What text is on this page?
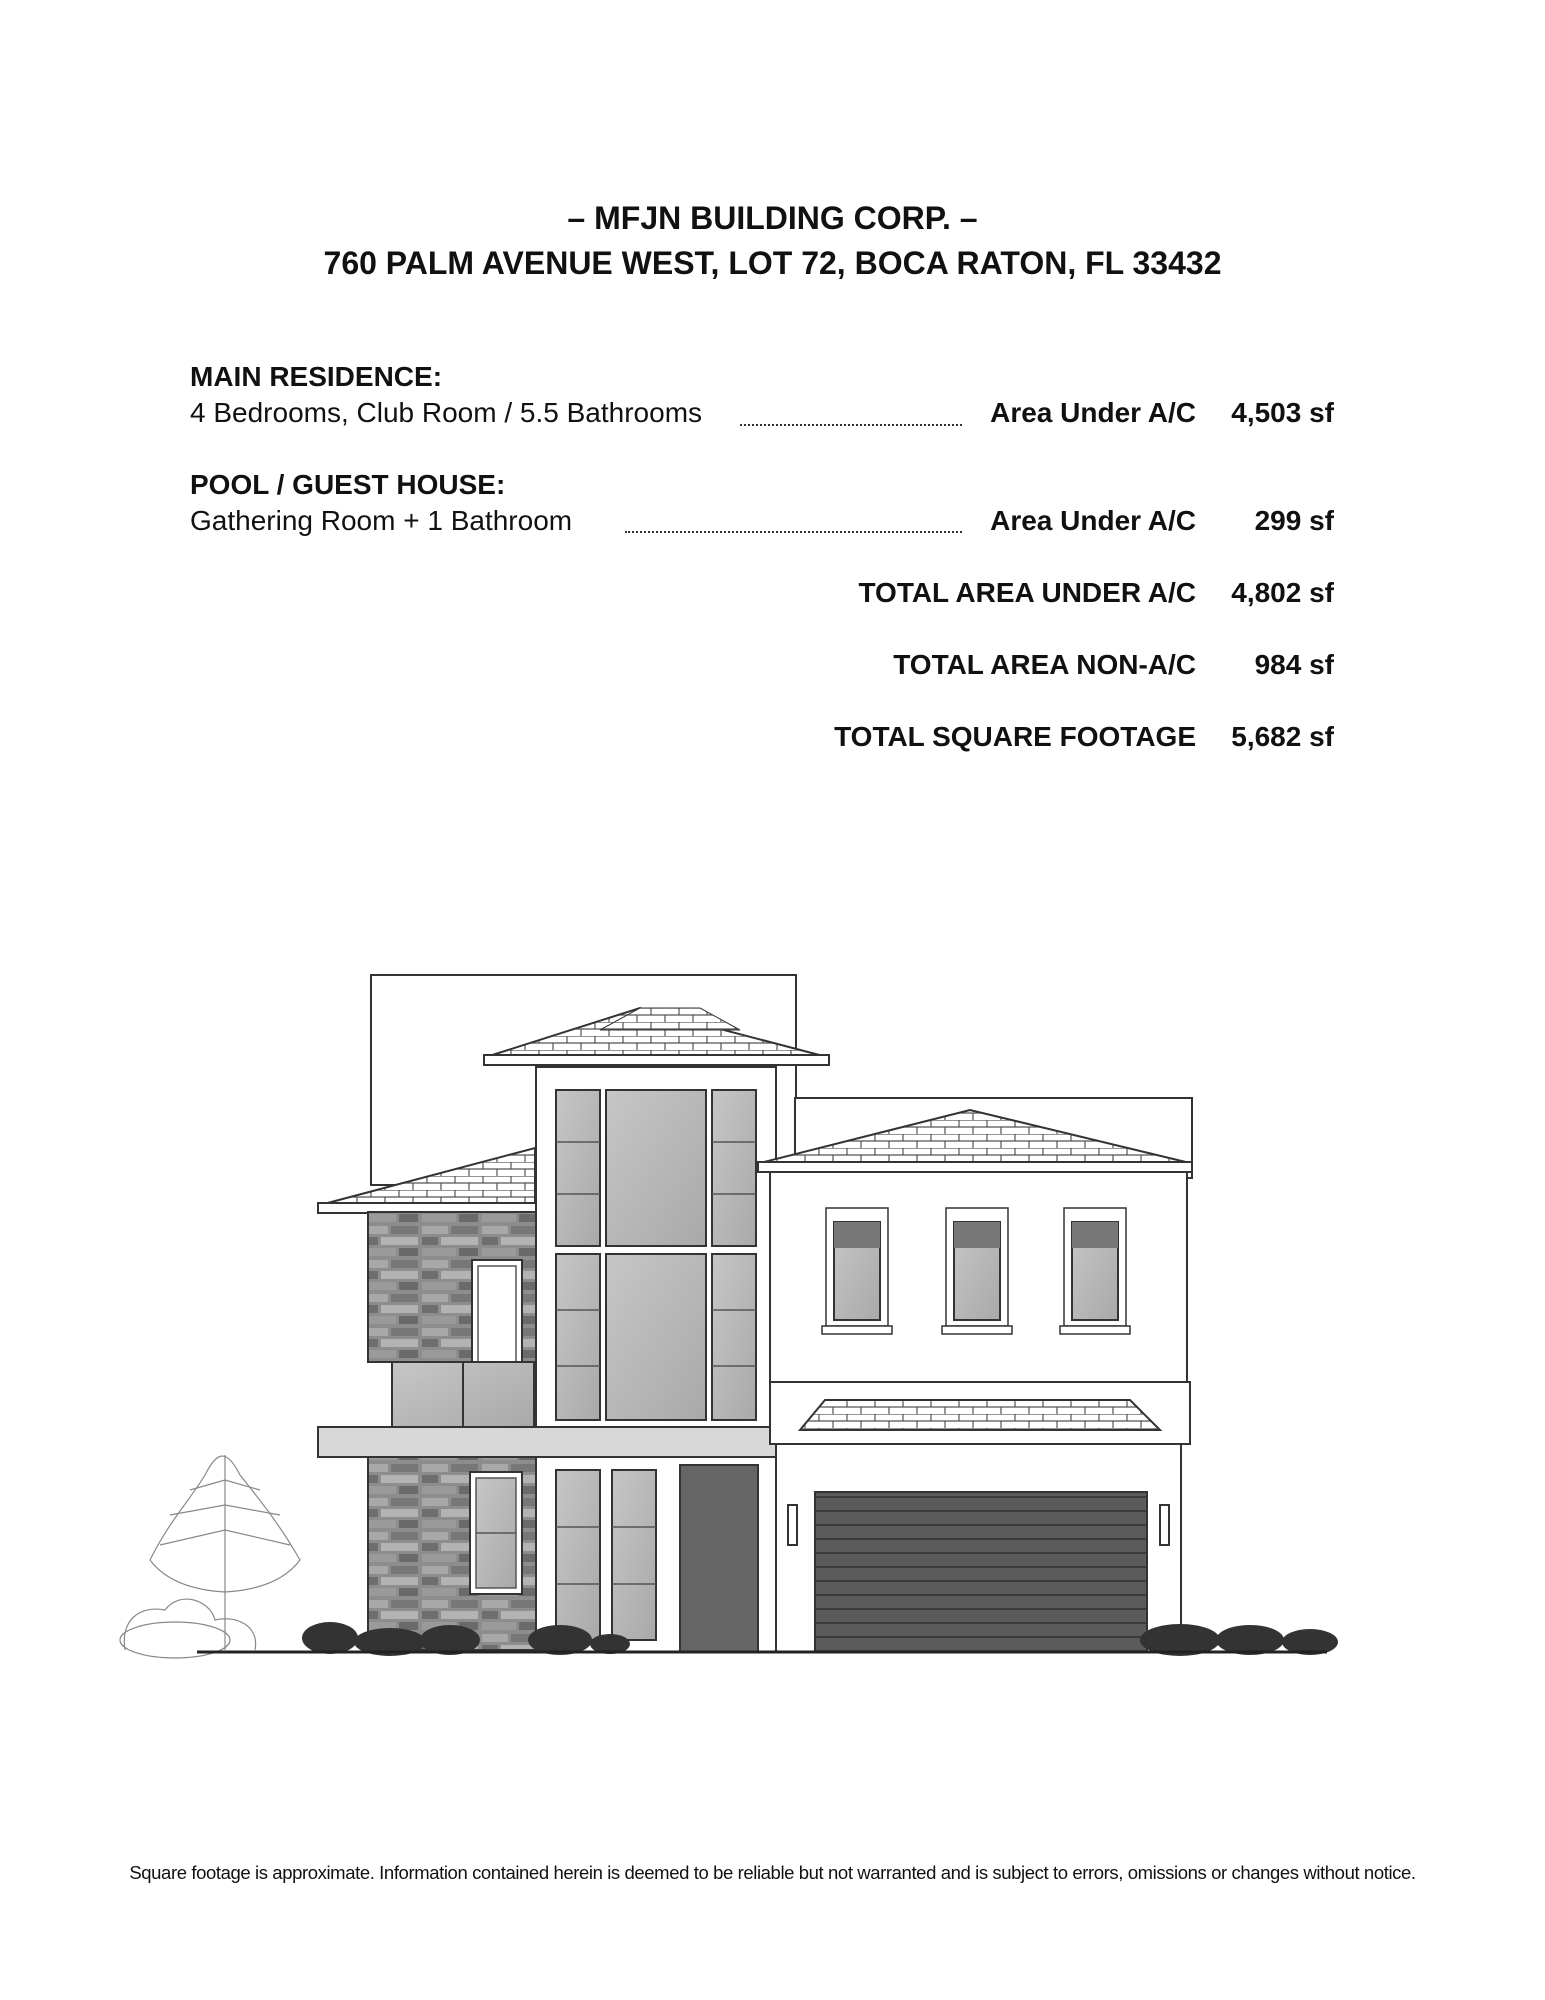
– MFJN BUILDING CORP. –
760 PALM AVENUE WEST, LOT 72, BOCA RATON, FL 33432
MAIN RESIDENCE:
4 Bedrooms, Club Room / 5.5 Bathrooms	Area Under A/C	4,503 sf
POOL / GUEST HOUSE:
Gathering Room + 1 Bathroom	Area Under A/C	299 sf
TOTAL AREA UNDER A/C	4,802 sf
TOTAL AREA NON-A/C	984 sf
TOTAL SQUARE FOOTAGE	5,682 sf
Square footage is approximate. Information contained herein is deemed to be reliable but not warranted and is subject to errors, omissions or changes without notice.
